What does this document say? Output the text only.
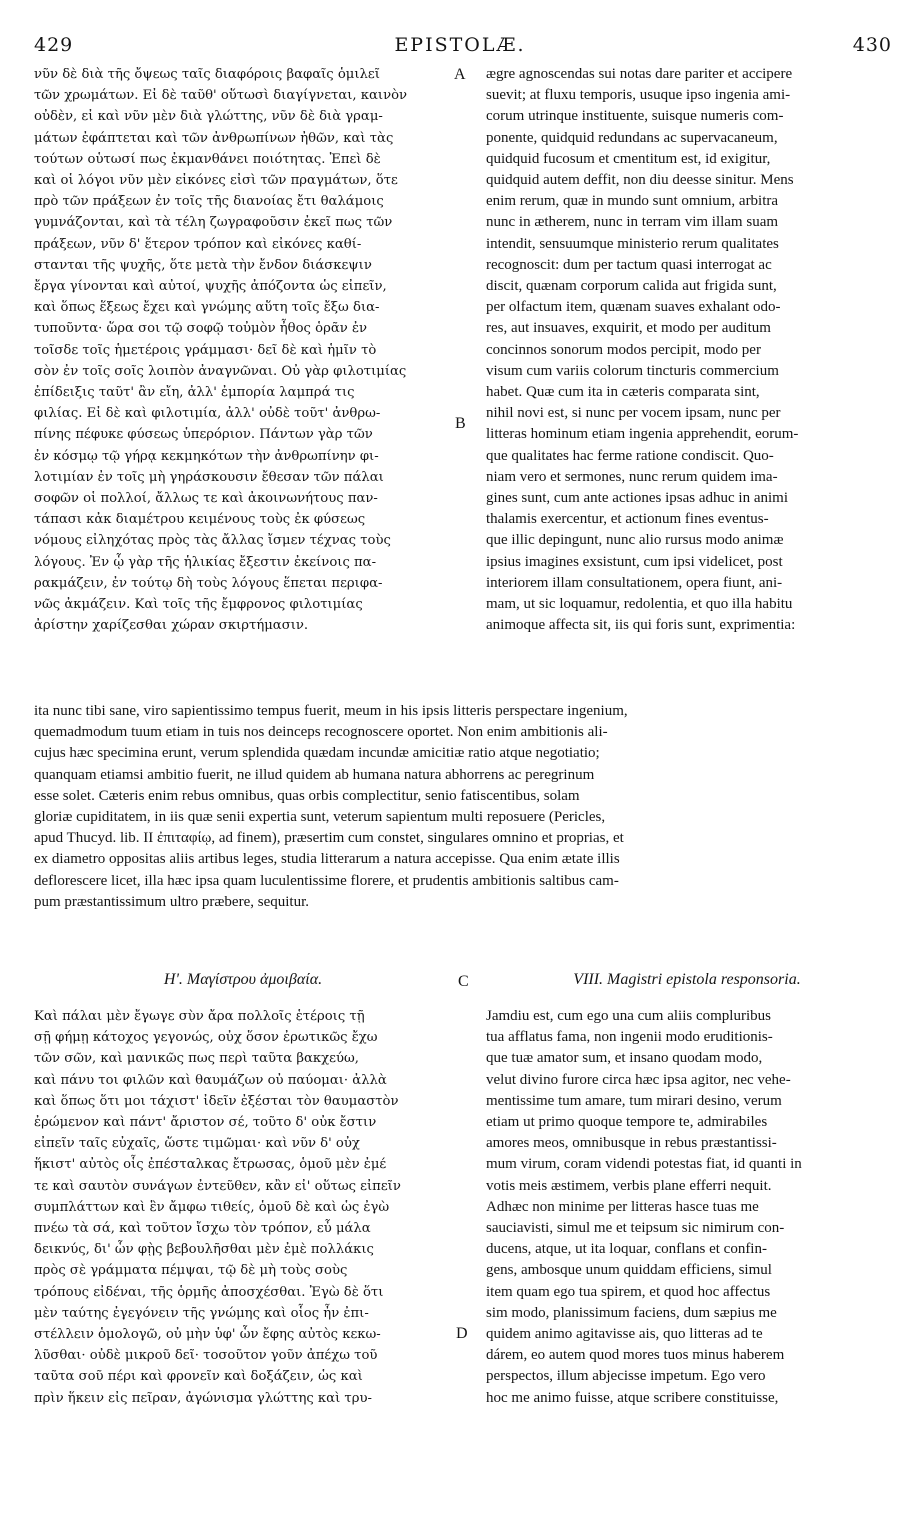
429	EPISTOLÆ.	430
A
B
C
D
νῦν δὲ διὰ τῆς ὄψεως ταῖς διαφόροις βαφαῖς ὁμιλεῖ
τῶν χρωμάτων. Εἰ δὲ ταῦθ' οὕτωσὶ διαγίγνεται, καινὸν
οὐδὲν, εἰ καὶ νῦν μὲν διὰ γλώττης, νῦν δὲ διὰ γραμ-
μάτων ἐφάπτεται καὶ τῶν ἀνθρωπίνων ἠθῶν, καὶ τὰς
τούτων οὑτωσί πως ἐκμανθάνει ποιότητας. Ἐπεὶ δὲ
καὶ οἱ λόγοι νῦν μὲν εἰκόνες εἰσὶ τῶν πραγμάτων, ὅτε
πρὸ τῶν πράξεων ἐν τοῖς τῆς διανοίας ἔτι θαλάμοις
γυμνάζονται, καὶ τὰ τέλη ζωγραφοῦσιν ἐκεῖ πως τῶν
πράξεων, νῦν δ' ἕτερον τρόπον καὶ εἰκόνες καθί-
στανται τῆς ψυχῆς, ὅτε μετὰ τὴν ἔνδον διάσκεψιν
ἔργα γίνονται καὶ αὐτοί, ψυχῆς ἀπόζοντα ὡς εἰπεῖν,
καὶ ὅπως ἕξεως ἔχει καὶ γνώμης αὕτη τοῖς ἔξω δια-
τυποῦντα· ὥρα σοι τῷ σοφῷ τοὐμὸν ἦθος ὁρᾶν ἐν
τοῖσδε τοῖς ἡμετέροις γράμμασι· δεῖ δὲ καὶ ἡμῖν τὸ
σὸν ἐν τοῖς σοῖς λοιπὸν ἀναγνῶναι. Οὐ γὰρ φιλοτιμίας
ἐπίδειξις ταῦτ' ἂν εἴη, ἀλλ' ἐμπορία λαμπρά τις
φιλίας. Εἰ δὲ καὶ φιλοτιμία, ἀλλ' οὐδὲ τοῦτ' ἀνθρω-
πίνης πέφυκε φύσεως ὑπερόριον. Πάντων γὰρ τῶν
ἐν κόσμῳ τῷ γήρᾳ κεκμηκότων τὴν ἀνθρωπίνην φι-
λοτιμίαν ἐν τοῖς μὴ γηράσκουσιν ἔθεσαν τῶν πάλαι
σοφῶν οἱ πολλοί, ἄλλως τε καὶ ἀκοινωνήτους παν-
τάπασι κἀκ διαμέτρου κειμένους τοὺς ἐκ φύσεως
νόμους εἰληχότας πρὸς τὰς ἄλλας ἴσμεν τέχνας τοὺς
λόγους. Ἐν ᾧ γὰρ τῆς ἡλικίας ἔξεστιν ἐκείνοις πα-
ρακμάζειν, ἐν τούτῳ δὴ τοὺς λόγους ἕπεται περιφα-
νῶς ἀκμάζειν. Καὶ τοῖς τῆς ἔμφρονος φιλοτιμίας
ἀρίστην χαρίζεσθαι χώραν σκιρτήμασιν.
ægre agnoscendas sui notas dare pariter et accipere
suevit; at fluxu temporis, usuque ipso ingenia ami-
corum utrinque instituente, suisque numeris com-
ponente, quidquid redundans ac supervacaneum,
quidquid fucosum et cmentitum est, id exigitur,
quidquid autem deffit, non diu deesse sinitur. Mens
enim rerum, quæ in mundo sunt omnium, arbitra
nunc in ætherem, nunc in terram vim illam suam
intendit, sensuumque ministerio rerum qualitates
recognoscit: dum per tactum quasi interrogat ac
discit, quænam corporum calida aut frigida sunt,
per olfactum item, quænam suaves exhalant odo-
res, aut insuaves, exquirit, et modo per auditum
concinnos sonorum modos percipit, modo per
visum cum variis colorum tincturis commercium
habet. Quæ cum ita in cæteris comparata sint,
nihil novi est, si nunc per vocem ipsam, nunc per
litteras hominum etiam ingenia apprehendit, eorum-
que qualitates hac ferme ratione condiscit. Quo-
niam vero et sermones, nunc rerum quidem ima-
gines sunt, cum ante actiones ipsas adhuc in animi
thalamis exercentur, et actionum fines eventus-
que illic depingunt, nunc alio rursus modo animæ
ipsius imagines exsistunt, cum ipsi videlicet, post
interiorem illam consultationem, opera fiunt, ani-
mam, ut sic loquamur, redolentia, et quo illa habitu
animoque affecta sit, iis qui foris sunt, exprimentia:
ita nunc tibi sane, viro sapientissimo tempus fuerit, meum in his ipsis litteris perspectare ingenium,
quemadmodum tuum etiam in tuis nos deinceps recognoscere oportet. Non enim ambitionis ali-
cujus hæc specimina erunt, verum splendida quædam incundæ amicitiæ ratio atque negotiatio;
quanquam etiamsi ambitio fuerit, ne illud quidem ab humana natura abhorrens ac peregrinum
esse solet. Cæteris enim rebus omnibus, quas orbis complectitur, senio fatiscentibus, solam
gloriæ cupiditatem, in iis quæ senii expertia sunt, veterum sapientum multi reposuere (Pericles,
apud Thucyd. lib. II ἐπιταφίῳ, ad finem), præsertim cum constet, singulares omnino et proprias, et
ex diametro oppositas aliis artibus leges, studia litterarum a natura accepisse. Qua enim ætate illis
deflorescere licet, illa hæc ipsa quam luculentissime florere, et prudentis ambitionis saltibus cam-
pum præstantissimum ultro præbere, sequitur.
Η'. Μαγίστρου ἀμοιβαία.	VIII. Magistri epistola responsoria.
Καὶ πάλαι μὲν ἔγωγε σὺν ἄρα πολλοῖς ἑτέροις τῇ
σῇ φήμῃ κάτοχος γεγονώς, οὐχ ὅσον ἐρωτικῶς ἔχω
τῶν σῶν, καὶ μανικῶς πως περὶ ταῦτα βακχεύω,
καὶ πάνυ τοι φιλῶν καὶ θαυμάζων οὐ παύομαι· ἀλλὰ
καὶ ὅπως ὅτι μοι τάχιστ' ἰδεῖν ἐξέσται τὸν θαυμαστὸν
ἐρώμενον καὶ πάντ' ἄριστον σέ, τοῦτο δ' οὐκ ἔστιν
εἰπεῖν ταῖς εὐχαῖς, ὥστε τιμῶμαι· καὶ νῦν δ' οὐχ
ἥκιστ' αὐτὸς οἷς ἐπέσταλκας ἔτρωσας, ὁμοῦ μὲν ἐμέ
τε καὶ σαυτὸν συνάγων ἐντεῦθεν, κἂν εἰ' οὕτως εἰπεῖν
συμπλάττων καὶ ἓν ἄμφω τιθείς, ὁμοῦ δὲ καὶ ὡς ἐγὼ
πνέω τὰ σά, καὶ τοῦτον ἴσχω τὸν τρόπον, εὖ μάλα
δεικνύς, δι' ὧν φῂς βεβουλῆσθαι μὲν ἐμὲ πολλάκις
πρὸς σὲ γράμματα πέμψαι, τῷ δὲ μὴ τοὺς σοὺς
τρόπους εἰδέναι, τῆς ὁρμῆς ἀποσχέσθαι. Ἐγὼ δὲ ὅτι
μὲν ταύτης ἐγεγόνειν τῆς γνώμης καὶ οἷος ἦν ἐπι-
στέλλειν ὁμολογῶ, οὐ μὴν ὑφ' ὧν ἔφης αὐτὸς κεκω-
λῦσθαι· οὐδὲ μικροῦ δεῖ· τοσοῦτον γοῦν ἀπέχω τοῦ
ταῦτα σοῦ πέρι καὶ φρονεῖν καὶ δοξάζειν, ὡς καὶ
πρὶν ἥκειν εἰς πεῖραν, ἀγώνισμα γλώττης καὶ τρυ-
Jamdiu est, cum ego una cum aliis compluribus
tua afflatus fama, non ingenii modo eruditionis-
que tuæ amator sum, et insano quodam modo,
velut divino furore circa hæc ipsa agitor, nec vehe-
mentissime tum amare, tum mirari desino, verum
etiam ut primo quoque tempore te, admirabiles
amores meos, omnibusque in rebus præstantissi-
mum virum, coram videndi potestas fiat, id quanti in
votis meis æstimem, verbis plane efferri nequit.
Adhæc non minime per litteras hasce tuas me
sauciavisti, simul me et teipsum sic nimirum con-
ducens, atque, ut ita loquar, conflans et confin-
gens, ambosque unum quiddam efficiens, simul
item quam ego tua spirem, et quod hoc affectus
sim modo, planissimum faciens, dum sæpius me
quidem animo agitavisse ais, quo litteras ad te
dárem, eo autem quod mores tuos minus haberem
perspectos, illum abjecisse impetum. Ego vero
hoc me animo fuisse, atque scribere constituisse,
